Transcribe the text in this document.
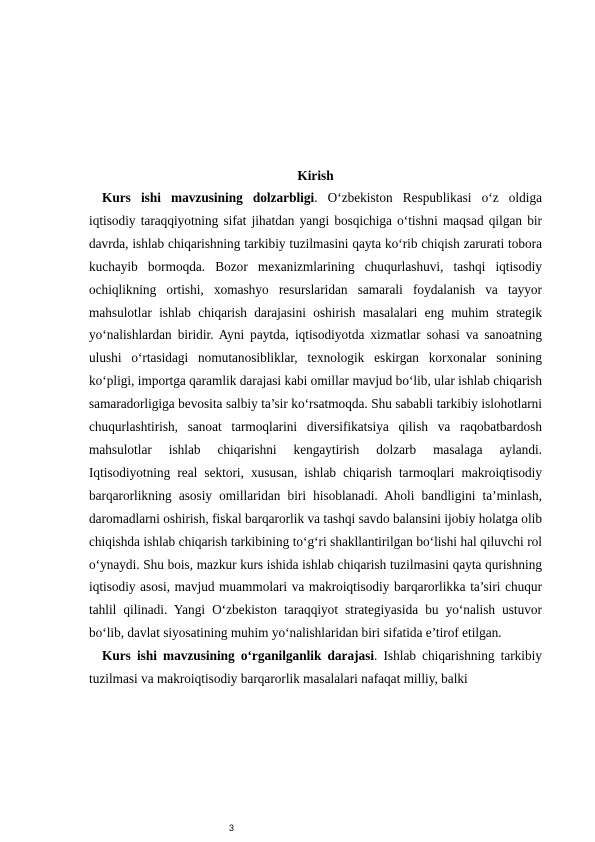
Kirish

Kurs ishi mavzusining dolzarbligi. O‘zbekiston Respublikasi o‘z oldiga iqtisodiy taraqqiyotning sifat jihatdan yangi bosqichiga o‘tishni maqsad qilgan bir davrda, ishlab chiqarishning tarkibiy tuzilmasini qayta ko‘rib chiqish zarurati tobora kuchayib bormoqda. Bozor mexanizmlarining chuqurlashuvi, tashqi iqtisodiy ochiqlikning ortishi, xomashyo resurslaridan samarali foydalanish va tayyor mahsulotlar ishlab chiqarish darajasini oshirish masalalari eng muhim strategik yo‘nalishlardan biridir. Ayni paytda, iqtisodiyotda xizmatlar sohasi va sanoatning ulushi o‘rtasidagi nomutanosibliklar, texnologik eskirgan korxonalar sonining ko‘pligi, importga qaramlik darajasi kabi omillar mavjud bo‘lib, ular ishlab chiqarish samaradorligiga bevosita salbiy ta’sir ko‘rsatmoqda. Shu sababli tarkibiy islohotlarni chuqurlashtirish, sanoat tarmoqlarini diversifikatsiya qilish va raqobatbardosh mahsulotlar ishlab chiqarishni kengaytirish dolzarb masalaga aylandi. Iqtisodiyotning real sektori, xususan, ishlab chiqarish tarmoqlari makroiqtisodiy barqarorlikning asosiy omillaridan biri hisoblanadi. Aholi bandligini ta’minlash, daromadlarni oshirish, fiskal barqarorlik va tashqi savdo balansini ijobiy holatga olib chiqishda ishlab chiqarish tarkibining to‘g‘ri shakllantirilgan bo‘lishi hal qiluvchi rol o‘ynaydi. Shu bois, mazkur kurs ishida ishlab chiqarish tuzilmasini qayta qurishning iqtisodiy asosi, mavjud muammolari va makroiqtisodiy barqarorlikka ta’siri chuqur tahlil qilinadi. Yangi O‘zbekiston taraqqiyot strategiyasida bu yo‘nalish ustuvor bo‘lib, davlat siyosatining muhim yo‘nalishlaridan biri sifatida e’tirof etilgan.

Kurs ishi mavzusining o‘rganilganlik darajasi. Ishlab chiqarishning tarkibiy tuzilmasi va makroiqtisodiy barqarorlik masalalari nafaqat milliy, balki

3
